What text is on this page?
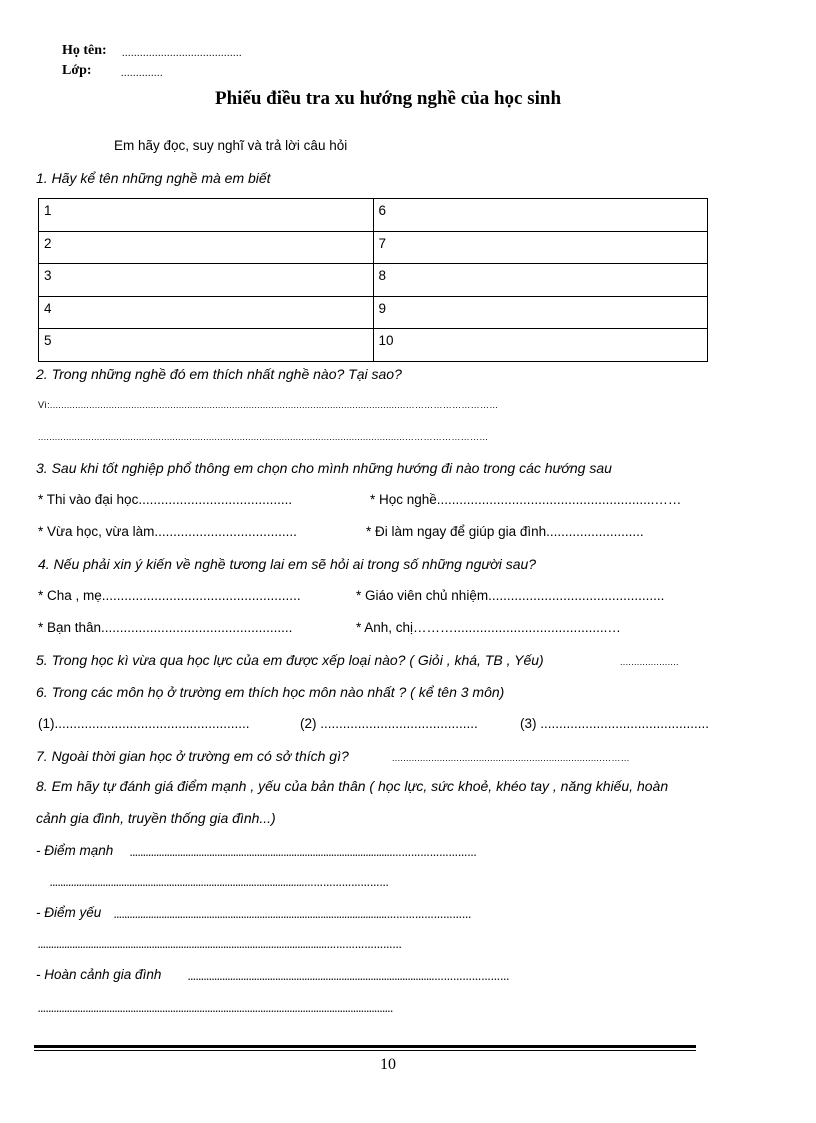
Họ tên: ........................................
Lớp:	..............
Phiếu điều tra xu hướng nghề của học sinh
Em hãy đọc, suy nghĩ và trả lời câu hỏi
1. Hãy kể tên những nghề mà em biết
1	6

2	7

3	8

4	9

5	10
2. Trong những nghề đó em thích nhất nghề nào? Tại sao?
Vì:...............................................................................................................................…………………………
...................................................................................................................................………………………
3. Sau khi tốt nghiệp phổ thông em chọn cho mình những hướng đi nào trong các hướng sau
* Thi vào đại học.........................................	* Học nghề..........................................................……
* Vừa học, vừa làm......................................	* Đi làm ngay để giúp gia đình..........................
4. Nếu phải xin ý kiến về nghề tương lai em sẽ hỏi ai trong số những người sau?
* Cha , mẹ.....................................................	* Giáo viên chủ nhiệm...............................................
* Bạn thân...................................................	* Anh, chị……….........................................…
5. Trong học kì vừa qua học lực của em được xếp loại nào? ( Giỏi , khá, TB , Yếu)	.....................
6. Trong các môn họ ở trường em thích học môn nào nhất ? ( kể tên 3 môn)
(1)....................................................	(2) ..........................................	(3) .............................................
7. Ngoài thời gian học ở trường em có sở thích gì?	...........................................................................………
8. Em hãy tự đánh giá điểm mạnh , yếu của bản thân ( học lực, sức khoẻ, khéo tay , năng khiếu, hoàn
cảnh gia đình, truyền thống gia đình...)
- Điểm mạnh ...................................................................................................………………………
................................................................................................………………………
- Điểm yếu .......................................................................................................………………………
.............................................................................................................……………………
- Hoàn cảnh gia đình	.............................................................................................……………………
......................................................................................................................................
10
